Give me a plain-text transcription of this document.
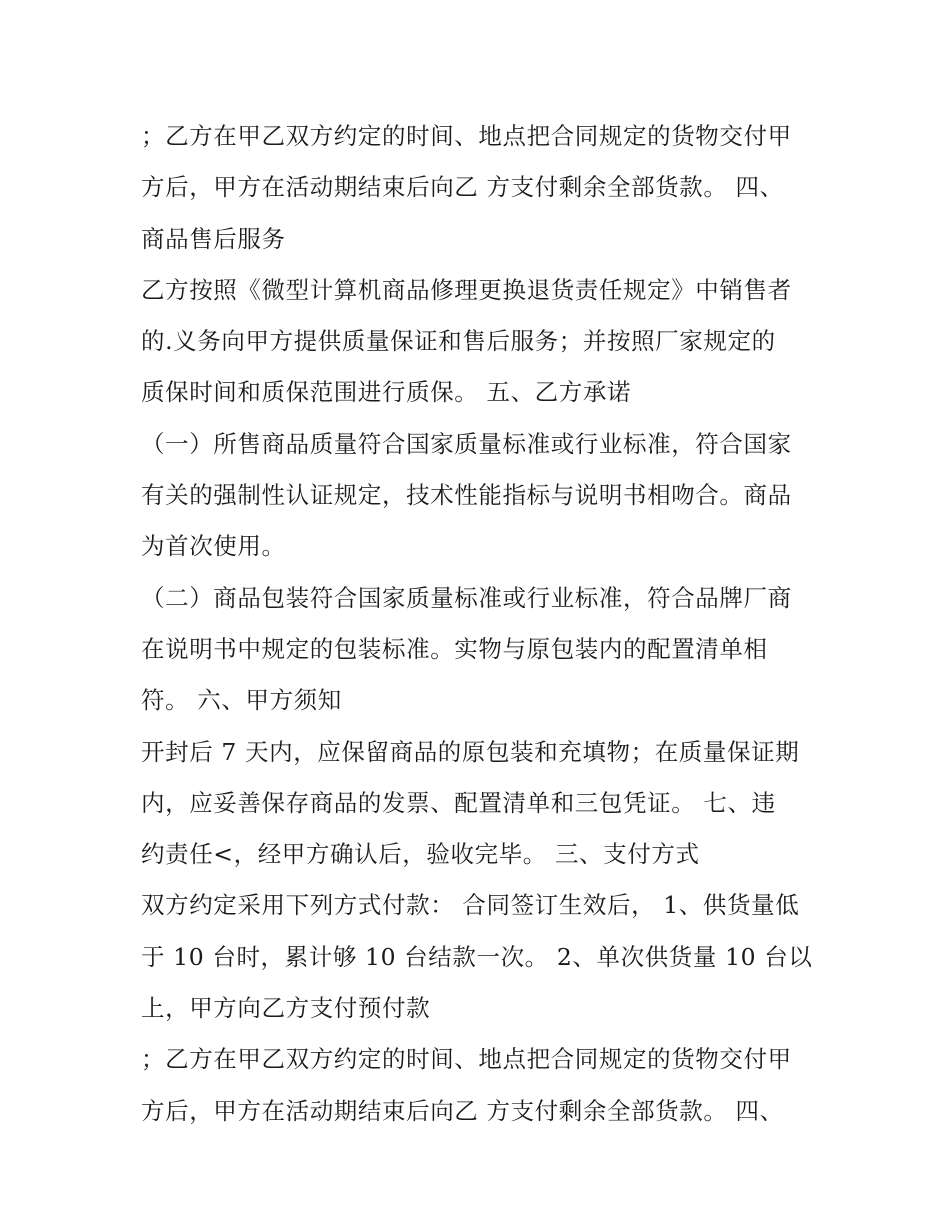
；乙方在甲乙双方约定的时间、地点把合同规定的货物交付甲
方后，甲方在活动期结束后向乙 方支付剩余全部货款。 四、
商品售后服务
乙方按照《微型计算机商品修理更换退货责任规定》中销售者
的.义务向甲方提供质量保证和售后服务；并按照厂家规定的
质保时间和质保范围进行质保。 五、乙方承诺
（一）所售商品质量符合国家质量标准或行业标准，符合国家
有关的强制性认证规定，技术性能指标与说明书相吻合。商品
为首次使用。
（二）商品包装符合国家质量标准或行业标准，符合品牌厂商
在说明书中规定的包装标准。实物与原包装内的配置清单相
符。 六、甲方须知
开封后 7 天内，应保留商品的原包装和充填物；在质量保证期
内，应妥善保存商品的发票、配置清单和三包凭证。 七、违
约责任<，经甲方确认后，验收完毕。 三、支付方式
双方约定采用下列方式付款： 合同签订生效后， 1、供货量低
于 10 台时，累计够 10 台结款一次。 2、单次供货量 10 台以
上，甲方向乙方支付预付款
；乙方在甲乙双方约定的时间、地点把合同规定的货物交付甲
方后，甲方在活动期结束后向乙 方支付剩余全部货款。 四、
